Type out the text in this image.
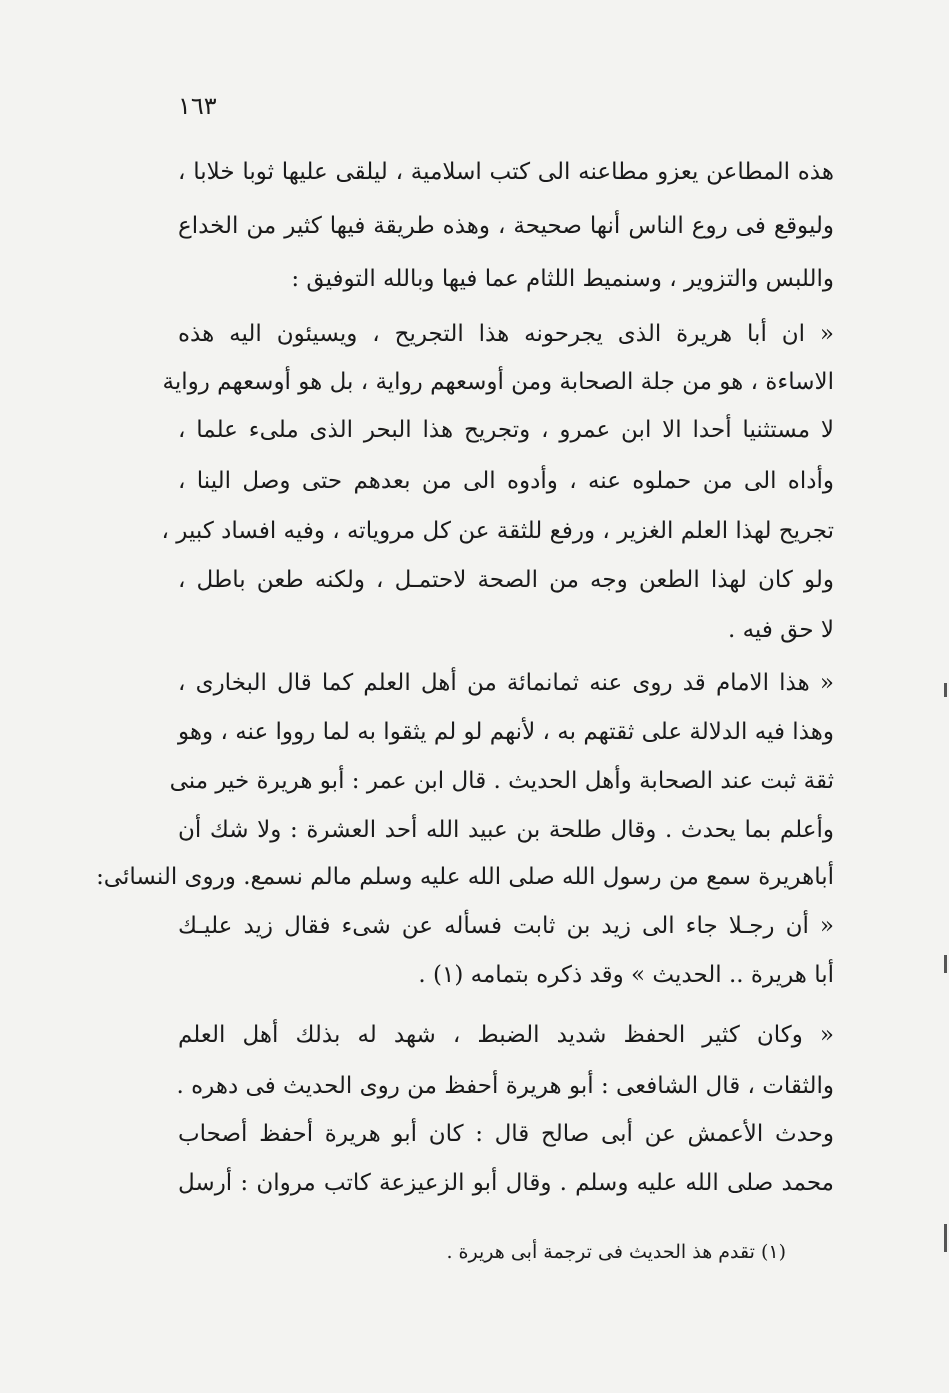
١٦٣
هذه المطاعن يعزو مطاعنه الى كتب اسلامية ، ليلقى عليها ثوبا خلابا ،
وليوقع فى روع الناس أنها صحيحة ، وهذه طريقة فيها كثير من الخداع
واللبس والتزوير ، وسنميط اللثام عما فيها وبالله التوفيق :
« ان أبا هريرة الذى يجرحونه هذا التجريح ، ويسيئون اليه هذه
الاساءة ، هو من جلة الصحابة ومن أوسعهم رواية ، بل هو أوسعهم رواية
لا مستثنيا أحدا الا ابن عمرو ، وتجريح هذا البحر الذى ملىء علما ،
وأداه الى من حملوه عنه ، وأدوه الى من بعدهم حتى وصل الينا ،
تجريح لهذا العلم الغزير ، ورفع للثقة عن كل مروياته ، وفيه افساد كبير ،
ولو كان لهذا الطعن وجه من الصحة لاحتمـل ، ولكنه طعن باطل ،
لا حق فيه .
« هذا الامام قد روى عنه ثمانمائة من أهل العلم كما قال البخارى ،
وهذا فيه الدلالة على ثقتهم به ، لأنهم لو لم يثقوا به لما رووا عنه ، وهو
ثقة ثبت عند الصحابة وأهل الحديث . قال ابن عمر : أبو هريرة خير منى
وأعلم بما يحدث . وقال طلحة بن عبيد الله أحد العشرة : ولا شك أن
أباهريرة سمع من رسول الله صلى الله عليه وسلم مالم نسمع. وروى النسائى:
« أن رجـلا جاء الى زيد بن ثابت فسأله عن شىء فقال زيد عليـك
أبا هريرة .. الحديث » وقد ذكره بتمامه (١) .
« وكان كثير الحفظ شديد الضبط ، شهد له بذلك أهل العلم
والثقات ، قال الشافعى : أبو هريرة أحفظ من روى الحديث فى دهره .
وحدث الأعمش عن أبى صالح قال : كان أبو هريرة أحفظ أصحاب
محمد صلى الله عليه وسلم . وقال أبو الزعيزعة كاتب مروان : أرسل
(١) تقدم هذ الحديث فى ترجمة أبى هريرة .
